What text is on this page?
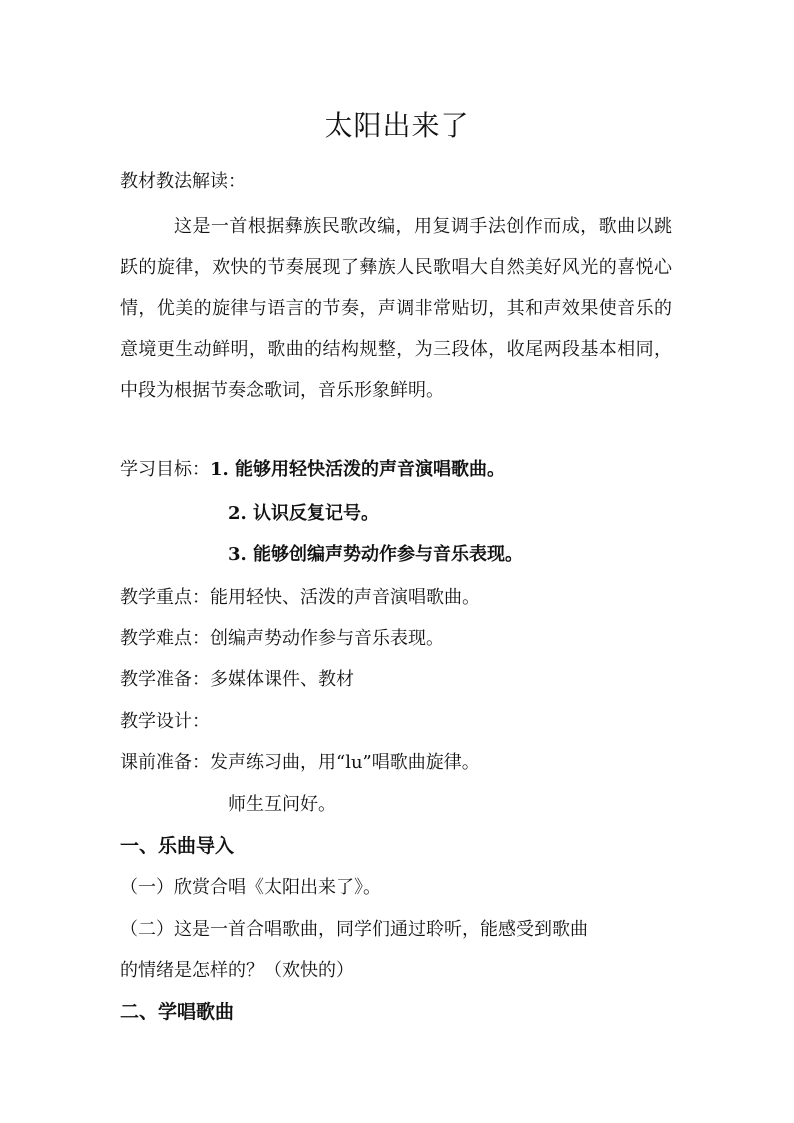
太阳出来了
教材教法解读：
这是一首根据彝族民歌改编，用复调手法创作而成，歌曲以跳跃的旋律，欢快的节奏展现了彝族人民歌唱大自然美好风光的喜悦心情，优美的旋律与语言的节奏，声调非常贴切，其和声效果使音乐的意境更生动鲜明，歌曲的结构规整，为三段体，收尾两段基本相同，中段为根据节奏念歌词，音乐形象鲜明。
学习目标：1. 能够用轻快活泼的声音演唱歌曲。
2. 认识反复记号。
3. 能够创编声势动作参与音乐表现。
教学重点：能用轻快、活泼的声音演唱歌曲。
教学难点：创编声势动作参与音乐表现。
教学准备：多媒体课件、教材
教学设计：
课前准备：发声练习曲，用“lu”唱歌曲旋律。
师生互问好。
一、乐曲导入
（一）欣赏合唱《太阳出来了》。
（二）这是一首合唱歌曲，同学们通过聆听，能感受到歌曲
的情绪是怎样的？（欢快的）
二、学唱歌曲
